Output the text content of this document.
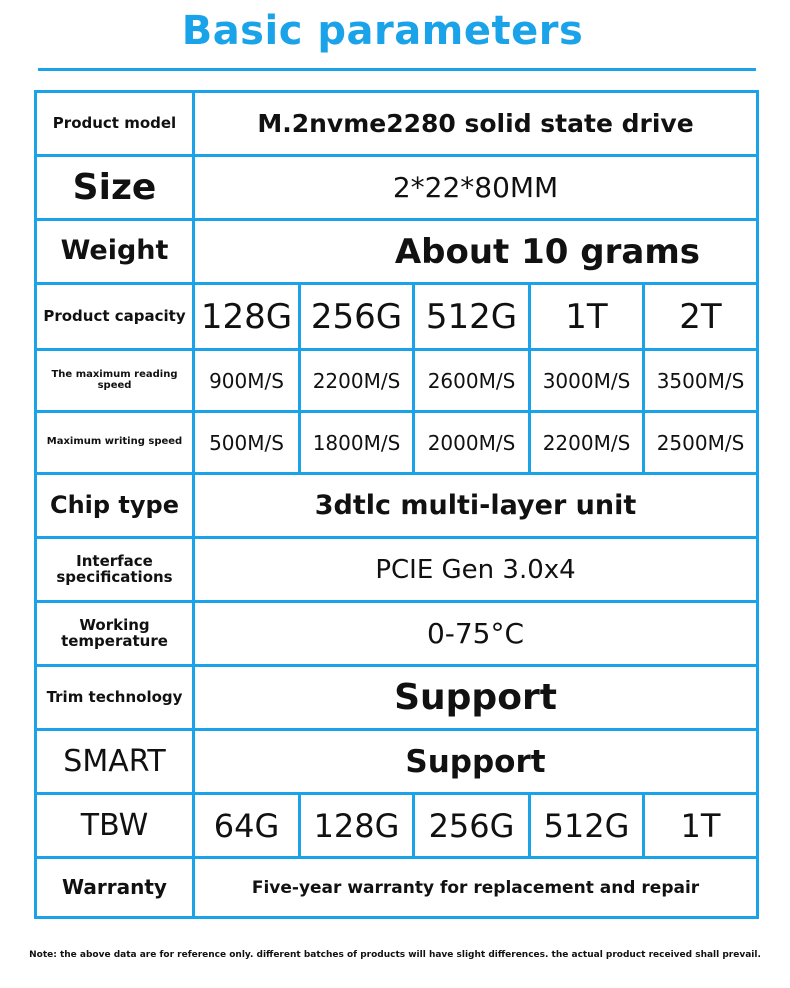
Basic parameters
Product model	M.2nvme2280 solid state drive				
Size	2*22*80MM				
Weight	About 10 grams				
Product capacity	128G	256G	512G	1T	2T
The maximum reading speed	900M/S	2200M/S	2600M/S	3000M/S	3500M/S
Maximum writing speed	500M/S	1800M/S	2000M/S	2200M/S	2500M/S
Chip type	3dtlc multi-layer unit				
Interface specifications	PCIE Gen 3.0x4				
Working temperature	0-75°C				
Trim technology	Support				
SMART	Support				
TBW	64G	128G	256G	512G	1T
Warranty	Five-year warranty for replacement and repair				
Note: the above data are for reference only. different batches of products will have slight differences. the actual product received shall prevail.
